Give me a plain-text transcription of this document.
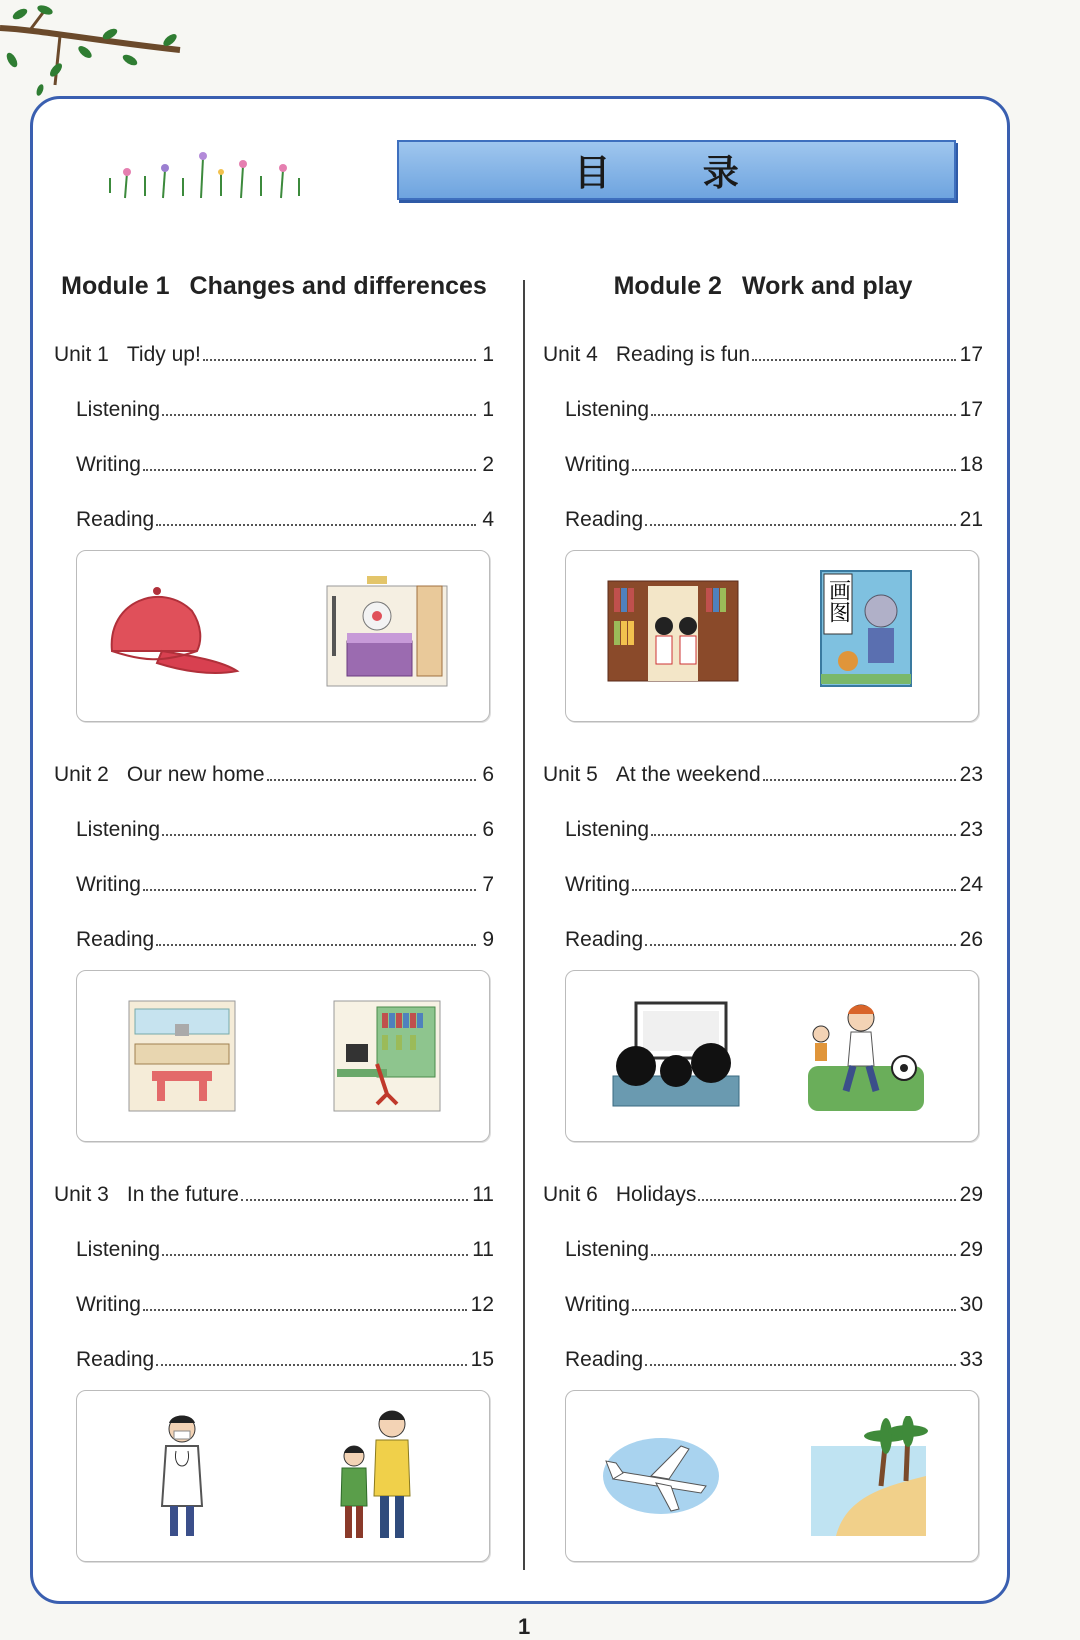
目 录
Module 1 Changes and differences
Unit 1 Tidy up!	1
Listening	1
Writing	2
Reading	4
Unit 2 Our new home	6
Listening	6
Writing	7
Reading	9
Unit 3 In the future	11
Listening	11
Writing	12
Reading	15
Module 2 Work and play
Unit 4 Reading is fun	17
Listening	17
Writing	18
Reading	21
画图
Unit 5 At the weekend	23
Listening	23
Writing	24
Reading	26
Unit 6 Holidays	29
Listening	29
Writing	30
Reading	33
1
